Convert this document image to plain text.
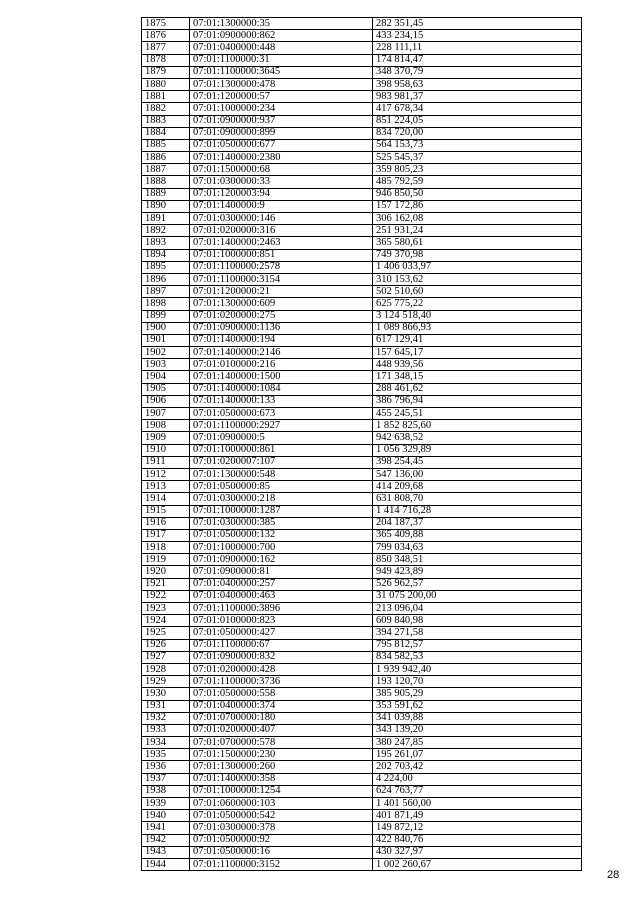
1875	07:01:1300000:35	282 351,45
1876	07:01:0900000:862	433 234,15
1877	07:01:0400000:448	228 111,11
1878	07:01:1100000:31	174 814,47
1879	07:01:1100000:3645	348 370,79
1880	07:01:1300000:478	398 958,63
1881	07:01:1200000:57	983 981,37
1882	07:01:1000000:234	417 678,34
1883	07:01:0900000:937	851 224,05
1884	07:01:0900000:899	834 720,00
1885	07:01:0500000:677	564 153,73
1886	07:01:1400000:2380	525 545,37
1887	07:01:1500000:68	359 805,23
1888	07:01:0300000:33	485 792,59
1889	07:01:1200003:94	946 850,50
1890	07:01:1400000:9	157 172,86
1891	07:01:0300000:146	306 162,08
1892	07:01:0200000:316	251 931,24
1893	07:01:1400000:2463	365 580,61
1894	07:01:1000000:851	749 370,98
1895	07:01:1100000:2578	1 406 033,97
1896	07:01:1100000:3154	310 153,62
1897	07:01:1200000:21	502 510,60
1898	07:01:1300000:609	625 775,22
1899	07:01:0200000:275	3 124 518,40
1900	07:01:0900000:1136	1 089 866,93
1901	07:01:1400000:194	617 129,41
1902	07:01:1400000:2146	157 645,17
1903	07:01:0100000:216	448 939,56
1904	07:01:1400000:1500	171 348,15
1905	07:01:1400000:1084	288 461,62
1906	07:01:1400000:133	386 796,94
1907	07:01:0500000:673	455 245,51
1908	07:01:1100000:2927	1 852 825,60
1909	07:01:0900000:5	942 638,52
1910	07:01:1000000:861	1 056 329,89
1911	07:01:0200007:107	398 254,45
1912	07:01:1300000:548	547 136,00
1913	07:01:0500000:85	414 209,68
1914	07:01:0300000:218	631 808,70
1915	07:01:1000000:1287	1 414 716,28
1916	07:01:0300000:385	204 187,37
1917	07:01:0500000:132	365 409,88
1918	07:01:1000000:700	799 034,63
1919	07:01:0900000:162	850 348,51
1920	07:01:0900000:81	949 423,89
1921	07:01:0400000:257	526 962,57
1922	07:01:0400000:463	31 075 200,00
1923	07:01:1100000:3896	213 096,04
1924	07:01:0100000:823	609 840,98
1925	07:01:0500000:427	394 271,58
1926	07:01:1100000:67	795 812,57
1927	07:01:0900000:832	834 582,53
1928	07:01:0200000:428	1 939 942,40
1929	07:01:1100000:3736	193 120,70
1930	07:01:0500000:558	385 905,29
1931	07:01:0400000:374	353 591,62
1932	07:01:0700000:180	341 039,88
1933	07:01:0200000:407	343 139,20
1934	07:01:0700000:578	380 247,85
1935	07:01:1500000:230	195 261,07
1936	07:01:1300000:260	202 703,42
1937	07:01:1400000:358	4 224,00
1938	07:01:1000000:1254	624 763,77
1939	07:01:0600000:103	1 401 560,00
1940	07:01:0500000:542	401 871,49
1941	07:01:0300000:378	149 872,12
1942	07:01:0500000:92	422 840,76
1943	07:01:0500000:16	430 327,97
1944	07:01:1100000:3152	1 002 260,67
28
